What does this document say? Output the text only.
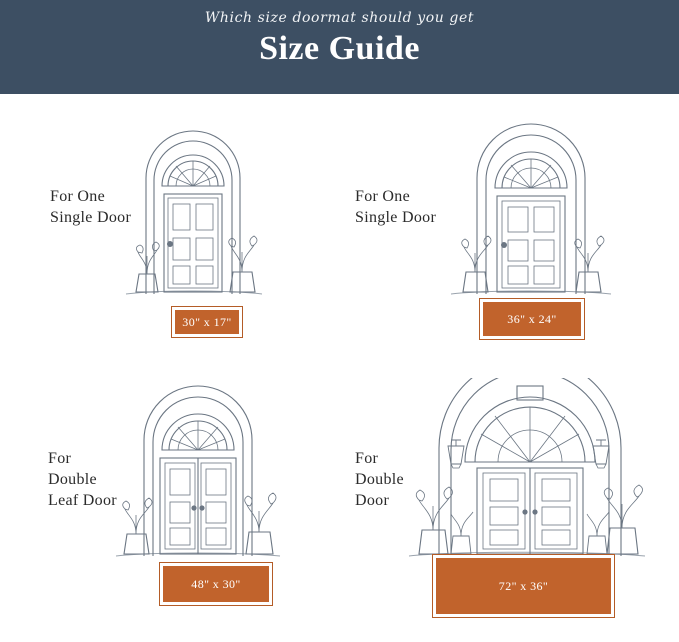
Which size doormat should you get

Size Guide
For One
Single Door
30" x 17"
For One
Single Door
36" x 24"
For
Double
Leaf Door
48" x 30"
For
Double
Door
72" x 36"
